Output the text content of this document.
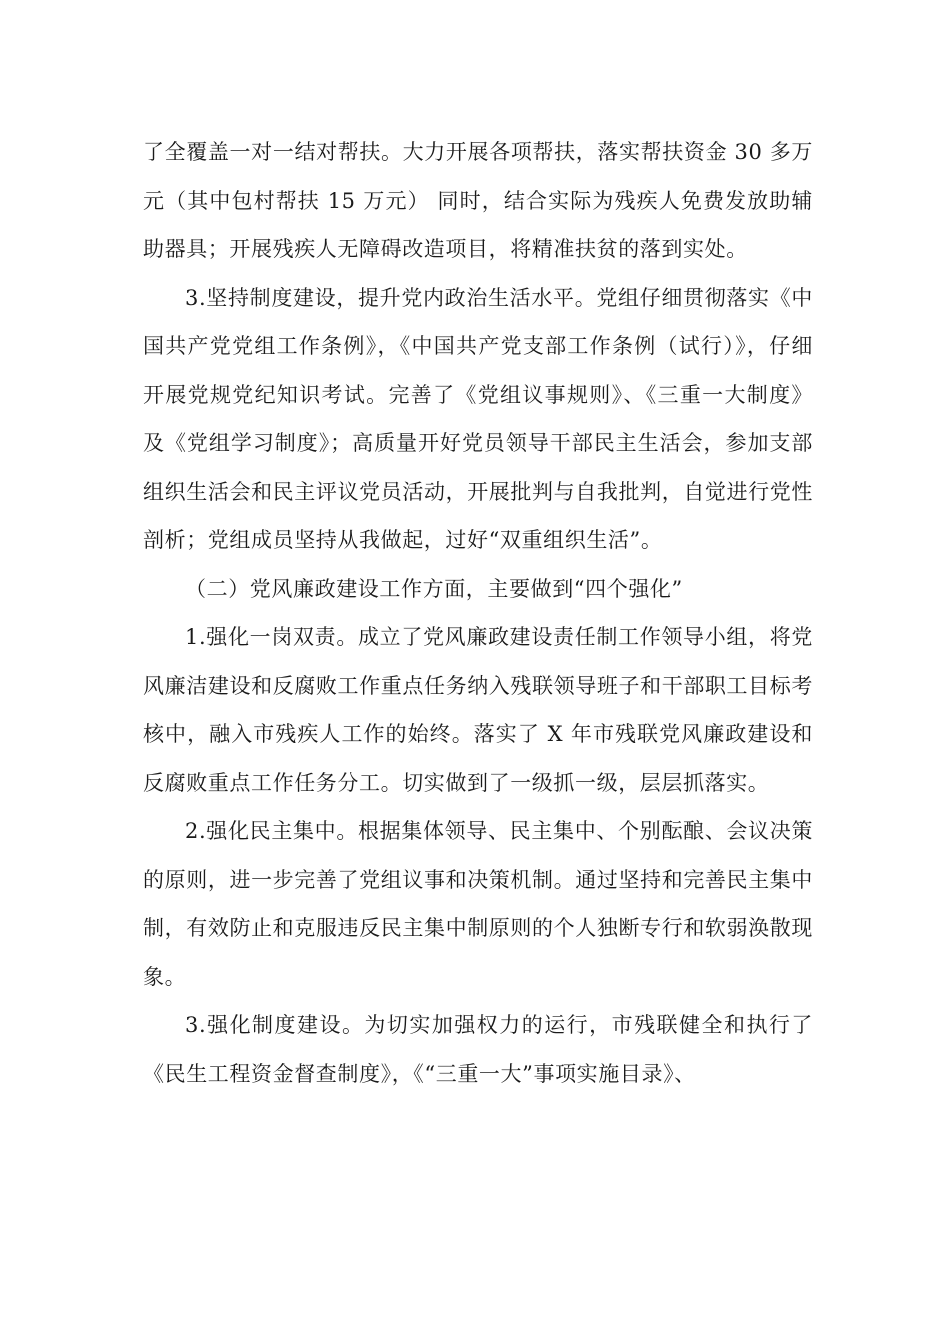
了全覆盖一对一结对帮扶。大力开展各项帮扶，落实帮扶资金 30 多万元（其中包村帮扶 15 万元） 同时，结合实际为残疾人免费发放助辅助器具；开展残疾人无障碍改造项目，将精准扶贫的落到实处。

3.坚持制度建设，提升党内政治生活水平。党组仔细贯彻落实《中国共产党党组工作条例》，《中国共产党支部工作条例（试行）》，仔细开展党规党纪知识考试。完善了《党组议事规则》、《三重一大制度》及《党组学习制度》；高质量开好党员领导干部民主生活会，参加支部组织生活会和民主评议党员活动，开展批判与自我批判，自觉进行党性剖析；党组成员坚持从我做起，过好“双重组织生活”。

（二）党风廉政建设工作方面，主要做到“四个强化”

1.强化一岗双责。成立了党风廉政建设责任制工作领导小组，将党风廉洁建设和反腐败工作重点任务纳入残联领导班子和干部职工目标考核中，融入市残疾人工作的始终。落实了 X 年市残联党风廉政建设和反腐败重点工作任务分工。切实做到了一级抓一级，层层抓落实。

2.强化民主集中。根据集体领导、民主集中、个别酝酿、会议决策的原则，进一步完善了党组议事和决策机制。通过坚持和完善民主集中制，有效防止和克服违反民主集中制原则的个人独断专行和软弱涣散现象。

3.强化制度建设。为切实加强权力的运行，市残联健全和执行了《民生工程资金督查制度》，《“三重一大”事项实施目录》、
